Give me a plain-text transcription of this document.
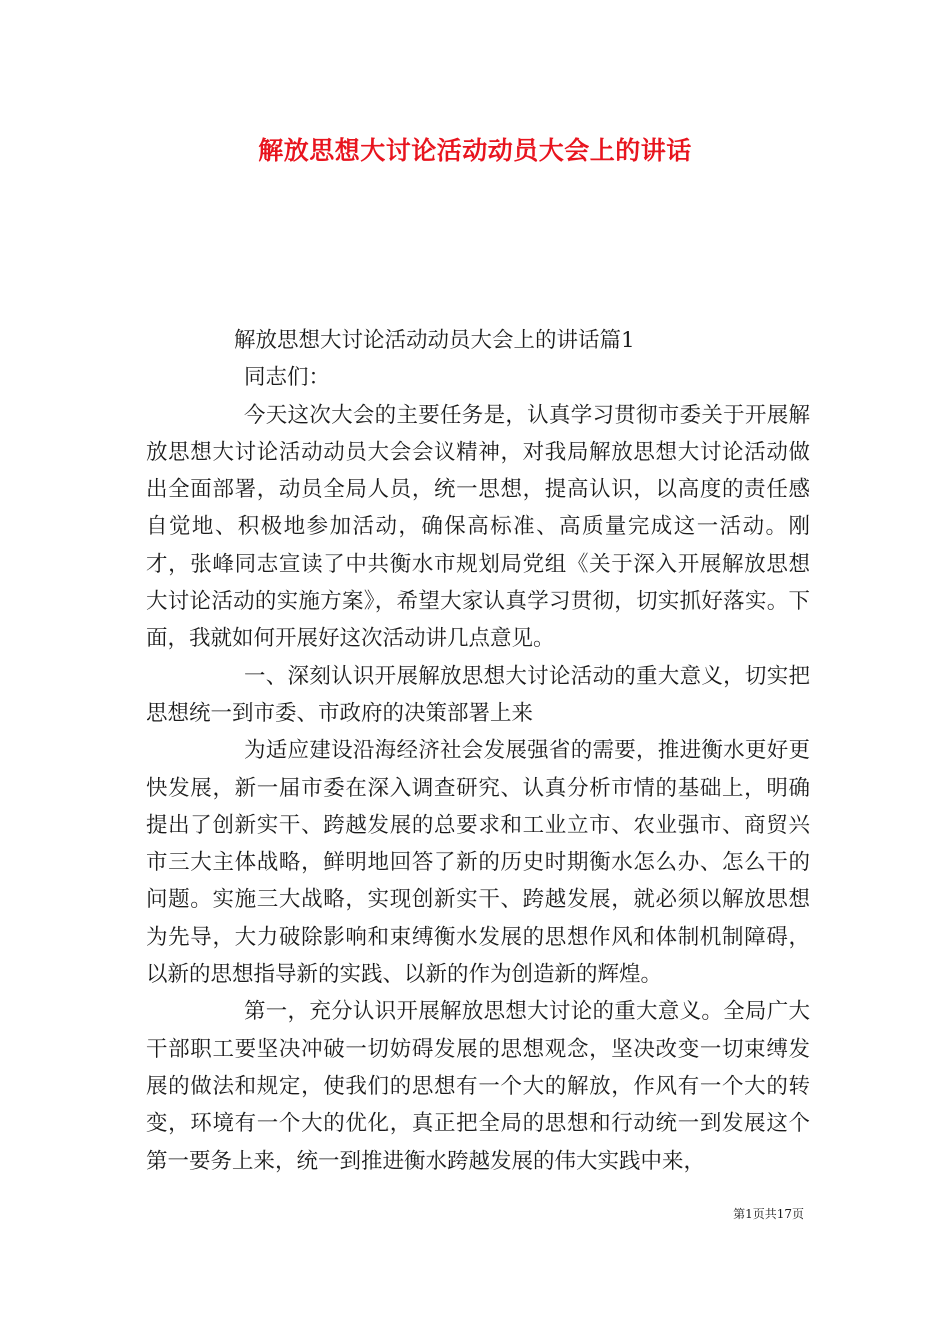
解放思想大讨论活动动员大会上的讲话

解放思想大讨论活动动员大会上的讲话篇1

同志们：

今天这次大会的主要任务是，认真学习贯彻市委关于开展解放思想大讨论活动动员大会会议精神，对我局解放思想大讨论活动做出全面部署，动员全局人员，统一思想，提高认识，以高度的责任感自觉地、积极地参加活动，确保高标准、高质量完成这一活动。刚才，张峰同志宣读了中共衡水市规划局党组《关于深入开展解放思想大讨论活动的实施方案》，希望大家认真学习贯彻，切实抓好落实。下面，我就如何开展好这次活动讲几点意见。

一、深刻认识开展解放思想大讨论活动的重大意义，切实把思想统一到市委、市政府的决策部署上来

为适应建设沿海经济社会发展强省的需要，推进衡水更好更快发展，新一届市委在深入调查研究、认真分析市情的基础上，明确提出了创新实干、跨越发展的总要求和工业立市、农业强市、商贸兴市三大主体战略，鲜明地回答了新的历史时期衡水怎么办、怎么干的问题。实施三大战略，实现创新实干、跨越发展，就必须以解放思想为先导，大力破除影响和束缚衡水发展的思想作风和体制机制障碍，以新的思想指导新的实践、以新的作为创造新的辉煌。

第一，充分认识开展解放思想大讨论的重大意义。全局广大干部职工要坚决冲破一切妨碍发展的思想观念，坚决改变一切束缚发展的做法和规定，使我们的思想有一个大的解放，作风有一个大的转变，环境有一个大的优化，真正把全局的思想和行动统一到发展这个第一要务上来，统一到推进衡水跨越发展的伟大实践中来，

第1页共17页
